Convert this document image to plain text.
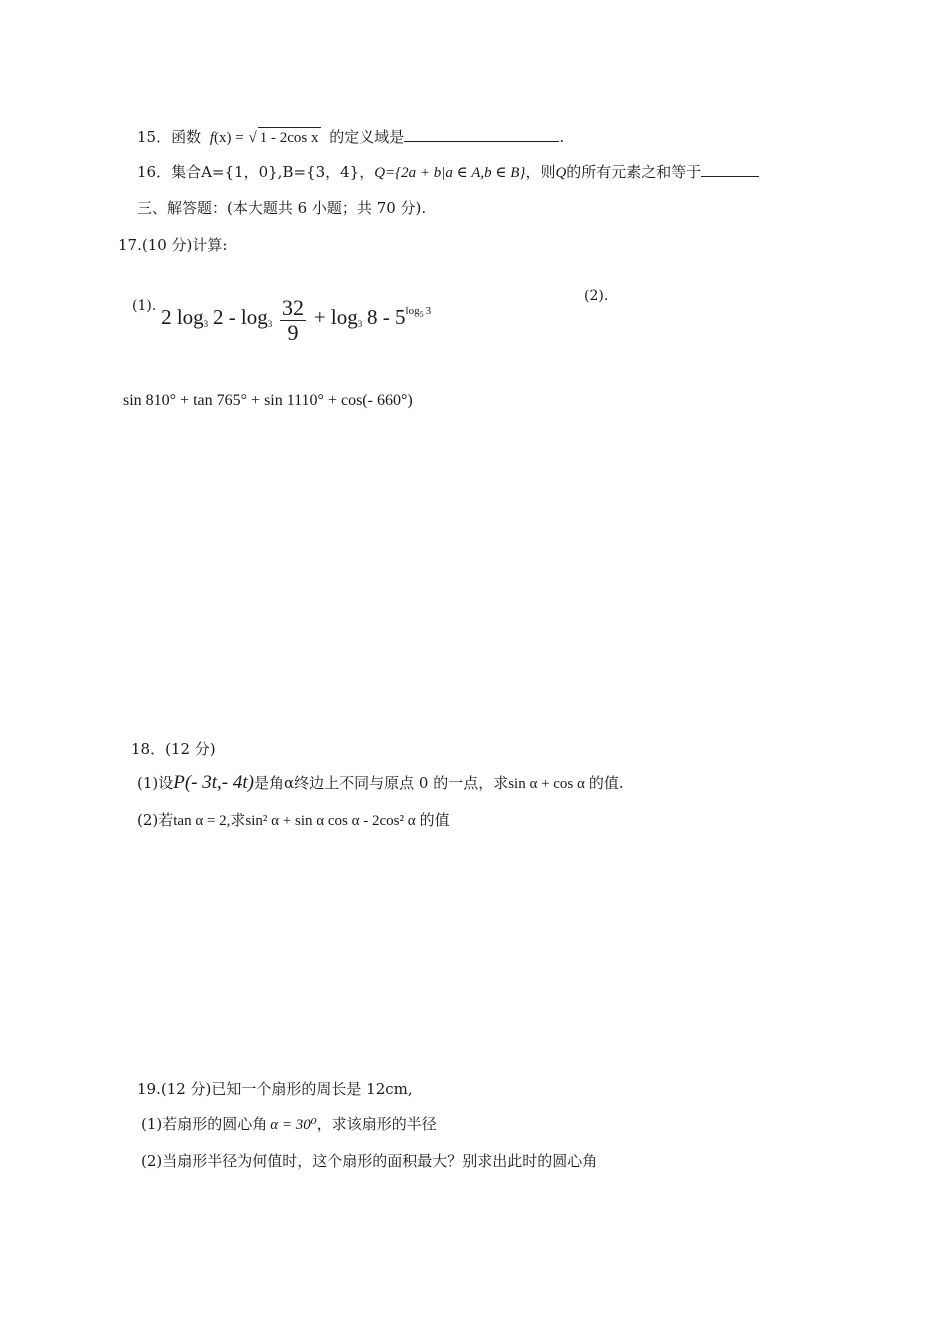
15．函数 f(x) = √ 1 - 2cos x 的定义域是	.
16．集合A={1，0},B={3，4}，Q={2a + b|a ∈ A,b ∈ B}，则Q的所有元素之和等于
三、解答题：(本大题共 6 小题；共 70 分).
17.(10 分)计算:
(1). 2 $\log_3 2 - \log_3 \frac{32}{9} + \log_3 8 - 5^{log_5 3}$
(2).
sin 810° + tan 765° + sin 1110° + cos(- 660°)
18．(12 分)
(1)设P(- 3t,- 4t)是角α终边上不同与原点 0 的一点，求sin α + cos α 的值.
(2)若tan α = 2,求sin² α + sin α cos α - 2cos² α 的值
19.(12 分)已知一个扇形的周长是 12cm,
(1)若扇形的圆心角 α = 30⁰，求该扇形的半径
(2)当扇形半径为何值时，这个扇形的面积最大？别求出此时的圆心角
